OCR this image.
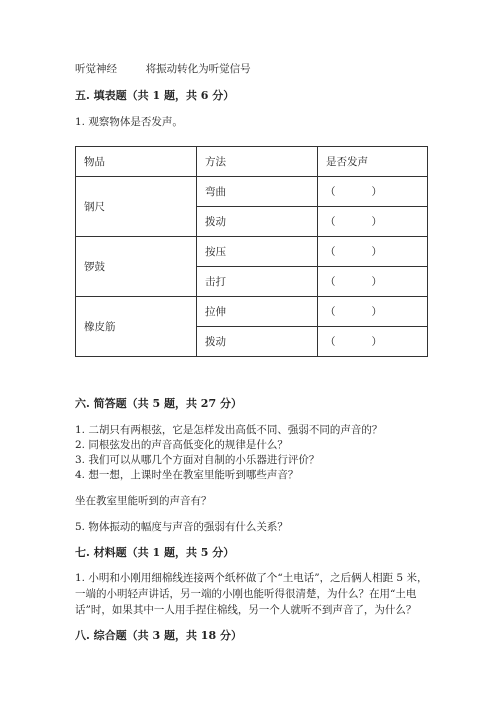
听觉神经	将振动转化为听觉信号
五. 填表题（共 1 题，共 6 分）
1. 观察物体是否发声。
物品	方法	是否发声
钢尺	弯曲	（ ）
	拨动	（ ）
锣鼓	按压	（ ）
	击打	（ ）
橡皮筋	拉伸	（ ）
	拨动	（ ）
六. 简答题（共 5 题，共 27 分）
1. 二胡只有两根弦，它是怎样发出高低不同、强弱不同的声音的？
2. 同根弦发出的声音高低变化的规律是什么？
3. 我们可以从哪几个方面对自制的小乐器进行评价？
4. 想一想，上课时坐在教室里能听到哪些声音？
坐在教室里能听到的声音有？
5. 物体振动的幅度与声音的强弱有什么关系？
七. 材料题（共 1 题，共 5 分）
1. 小明和小刚用细棉线连接两个纸杯做了个“土电话”，之后俩人相距 5 米，
一端的小明轻声讲话，另一端的小刚也能听得很清楚，为什么？在用“土电
话”时，如果其中一人用手捏住棉线，另一个人就听不到声音了，为什么？
八. 综合题（共 3 题，共 18 分）
